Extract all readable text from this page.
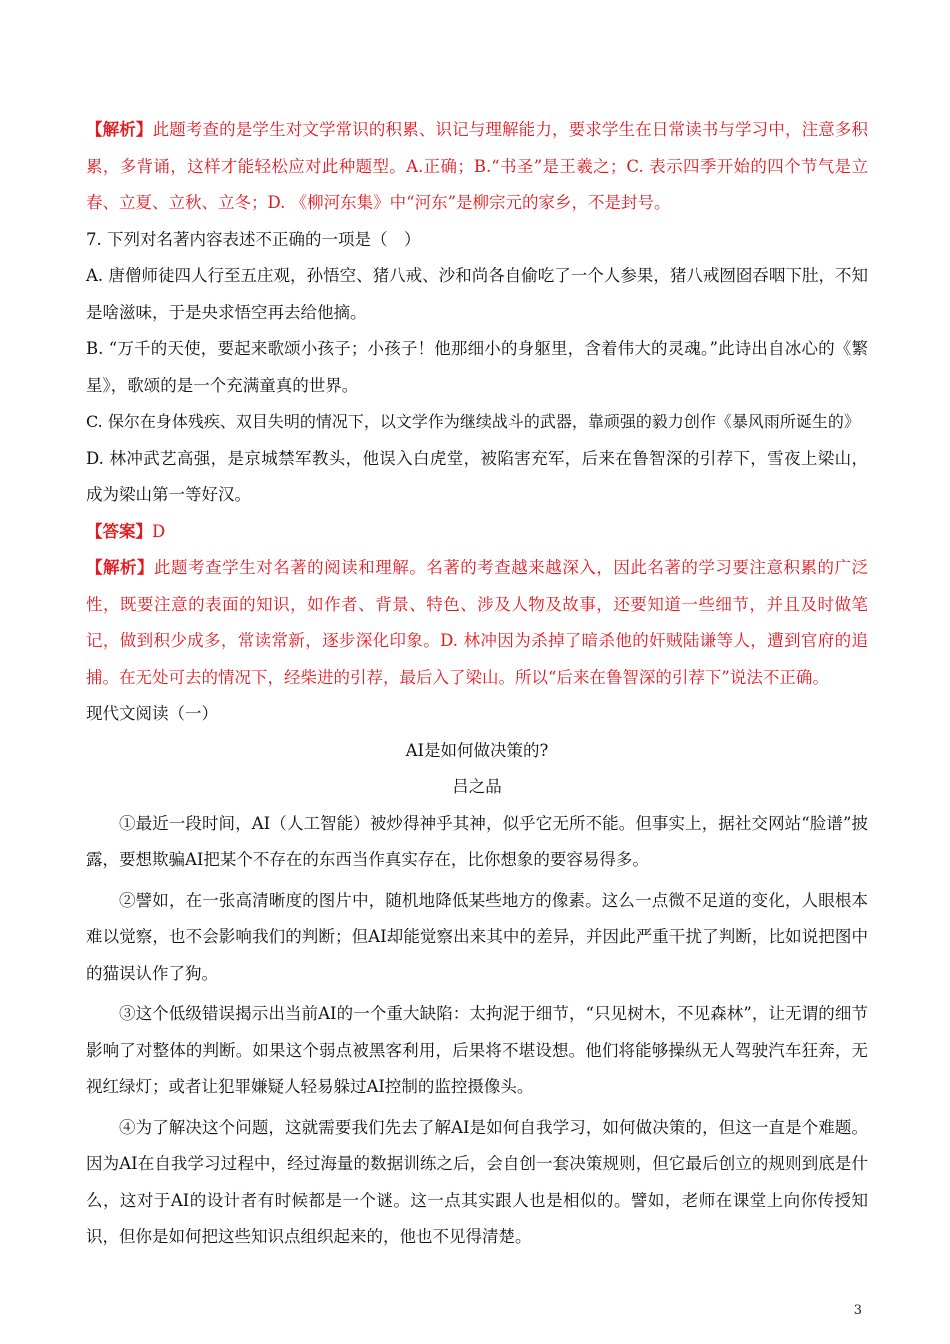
【解析】此题考查的是学生对文学常识的积累、识记与理解能力，要求学生在日常读书与学习中，注意多积累，多背诵，这样才能轻松应对此种题型。A.正确；B.“书圣”是王羲之；C. 表示四季开始的四个节气是立春、立夏、立秋、立冬；D. 《柳河东集》中“河东”是柳宗元的家乡，不是封号。

7. 下列对名著内容表述不正确的一项是（　）

A. 唐僧师徒四人行至五庄观，孙悟空、猪八戒、沙和尚各自偷吃了一个人参果，猪八戒囫囵吞咽下肚，不知是啥滋味，于是央求悟空再去给他摘。

B. “万千的天使，要起来歌颂小孩子；小孩子！他那细小的身躯里，含着伟大的灵魂。”此诗出自冰心的《繁星》，歌颂的是一个充满童真的世界。

C. 保尔在身体残疾、双目失明的情况下，以文学作为继续战斗的武器，靠顽强的毅力创作《暴风雨所诞生的》

D. 林冲武艺高强，是京城禁军教头，他误入白虎堂，被陷害充军，后来在鲁智深的引荐下，雪夜上梁山，成为梁山第一等好汉。

【答案】D

【解析】此题考查学生对名著的阅读和理解。名著的考查越来越深入，因此名著的学习要注意积累的广泛性，既要注意的表面的知识，如作者、背景、特色、涉及人物及故事，还要知道一些细节，并且及时做笔记，做到积少成多，常读常新，逐步深化印象。D. 林冲因为杀掉了暗杀他的奸贼陆谦等人，遭到官府的追捕。在无处可去的情况下，经柴进的引荐，最后入了梁山。所以“后来在鲁智深的引荐下”说法不正确。

现代文阅读（一）

AI是如何做决策的?

吕之品

①最近一段时间，AI（人工智能）被炒得神乎其神，似乎它无所不能。但事实上，据社交网站“脸谱”披露，要想欺骗AI把某个不存在的东西当作真实存在，比你想象的要容易得多。

②譬如，在一张高清晰度的图片中，随机地降低某些地方的像素。这么一点微不足道的变化，人眼根本难以觉察，也不会影响我们的判断；但AI却能觉察出来其中的差异，并因此严重干扰了判断，比如说把图中的猫误认作了狗。

③这个低级错误揭示出当前AI的一个重大缺陷：太拘泥于细节，“只见树木，不见森林”，让无谓的细节影响了对整体的判断。如果这个弱点被黑客利用，后果将不堪设想。他们将能够操纵无人驾驶汽车狂奔，无视红绿灯；或者让犯罪嫌疑人轻易躲过AI控制的监控摄像头。

④为了解决这个问题，这就需要我们先去了解AI是如何自我学习，如何做决策的，但这一直是个难题。因为AI在自我学习过程中，经过海量的数据训练之后，会自创一套决策规则，但它最后创立的规则到底是什么，这对于AI的设计者有时候都是一个谜。这一点其实跟人也是相似的。譬如，老师在课堂上向你传授知识，但你是如何把这些知识点组织起来的，他也不见得清楚。

3
